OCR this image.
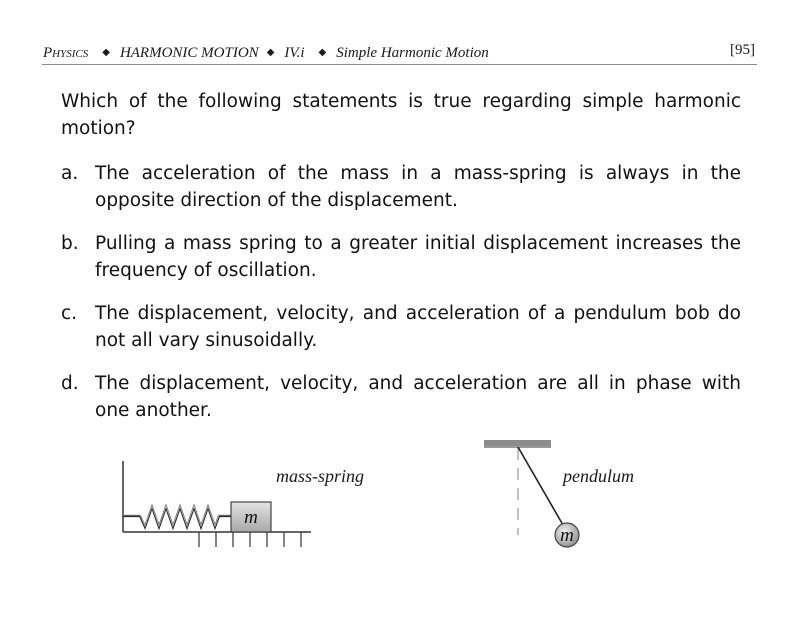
Physics ◆ HARMONIC MOTION ◆ IV.i ◆ Simple Harmonic Motion	[95]

Which of the following statements is true regarding simple harmonic motion?

a. The acceleration of the mass in a mass-spring is always in the opposite direction of the displacement.
b. Pulling a mass spring to a greater initial displacement increases the frequency of oscillation.
c. The displacement, velocity, and acceleration of a pendulum bob do not all vary sinusoidally.
d. The displacement, velocity, and acceleration are all in phase with one another.
m
mass-spring
m
pendulum
